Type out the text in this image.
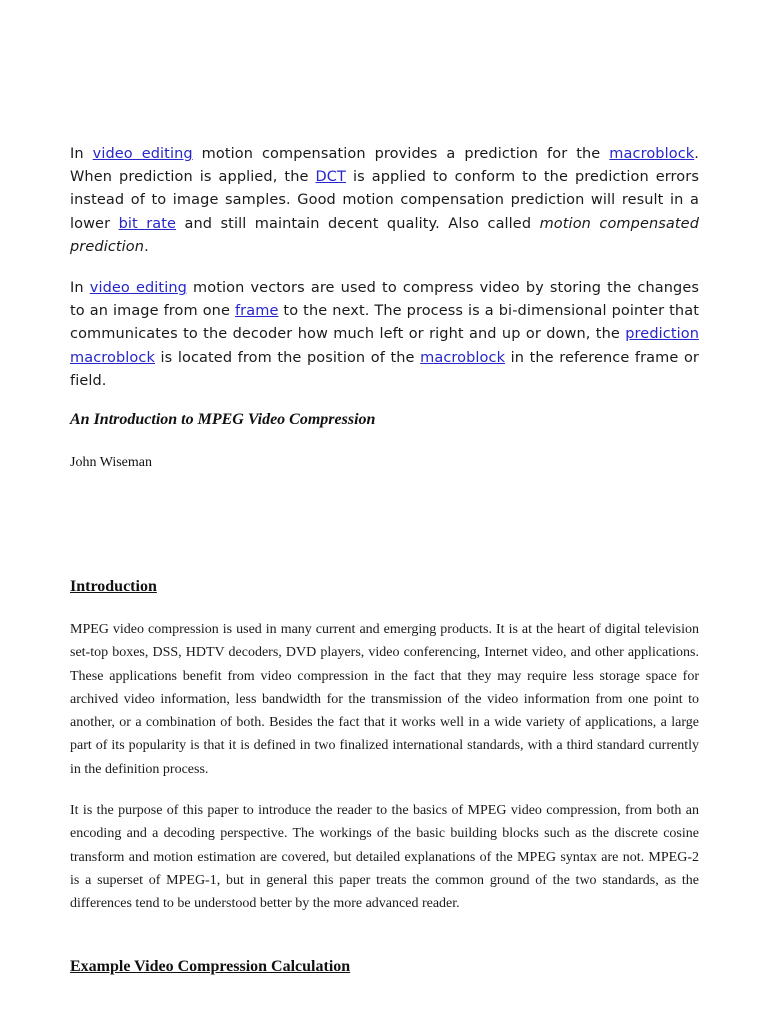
In video editing motion compensation provides a prediction for the macroblock. When prediction is applied, the DCT is applied to conform to the prediction errors instead of to image samples. Good motion compensation prediction will result in a lower bit rate and still maintain decent quality. Also called motion compensated prediction.

In video editing motion vectors are used to compress video by storing the changes to an image from one frame to the next. The process is a bi-dimensional pointer that communicates to the decoder how much left or right and up or down, the prediction macroblock is located from the position of the macroblock in the reference frame or field.

An Introduction to MPEG Video Compression

John Wiseman

Introduction

MPEG video compression is used in many current and emerging products. It is at the heart of digital television set-top boxes, DSS, HDTV decoders, DVD players, video conferencing, Internet video, and other applications. These applications benefit from video compression in the fact that they may require less storage space for archived video information, less bandwidth for the transmission of the video information from one point to another, or a combination of both. Besides the fact that it works well in a wide variety of applications, a large part of its popularity is that it is defined in two finalized international standards, with a third standard currently in the definition process.

It is the purpose of this paper to introduce the reader to the basics of MPEG video compression, from both an encoding and a decoding perspective. The workings of the basic building blocks such as the discrete cosine transform and motion estimation are covered, but detailed explanations of the MPEG syntax are not. MPEG-2 is a superset of MPEG-1, but in general this paper treats the common ground of the two standards, as the differences tend to be understood better by the more advanced reader.

Example Video Compression Calculation
